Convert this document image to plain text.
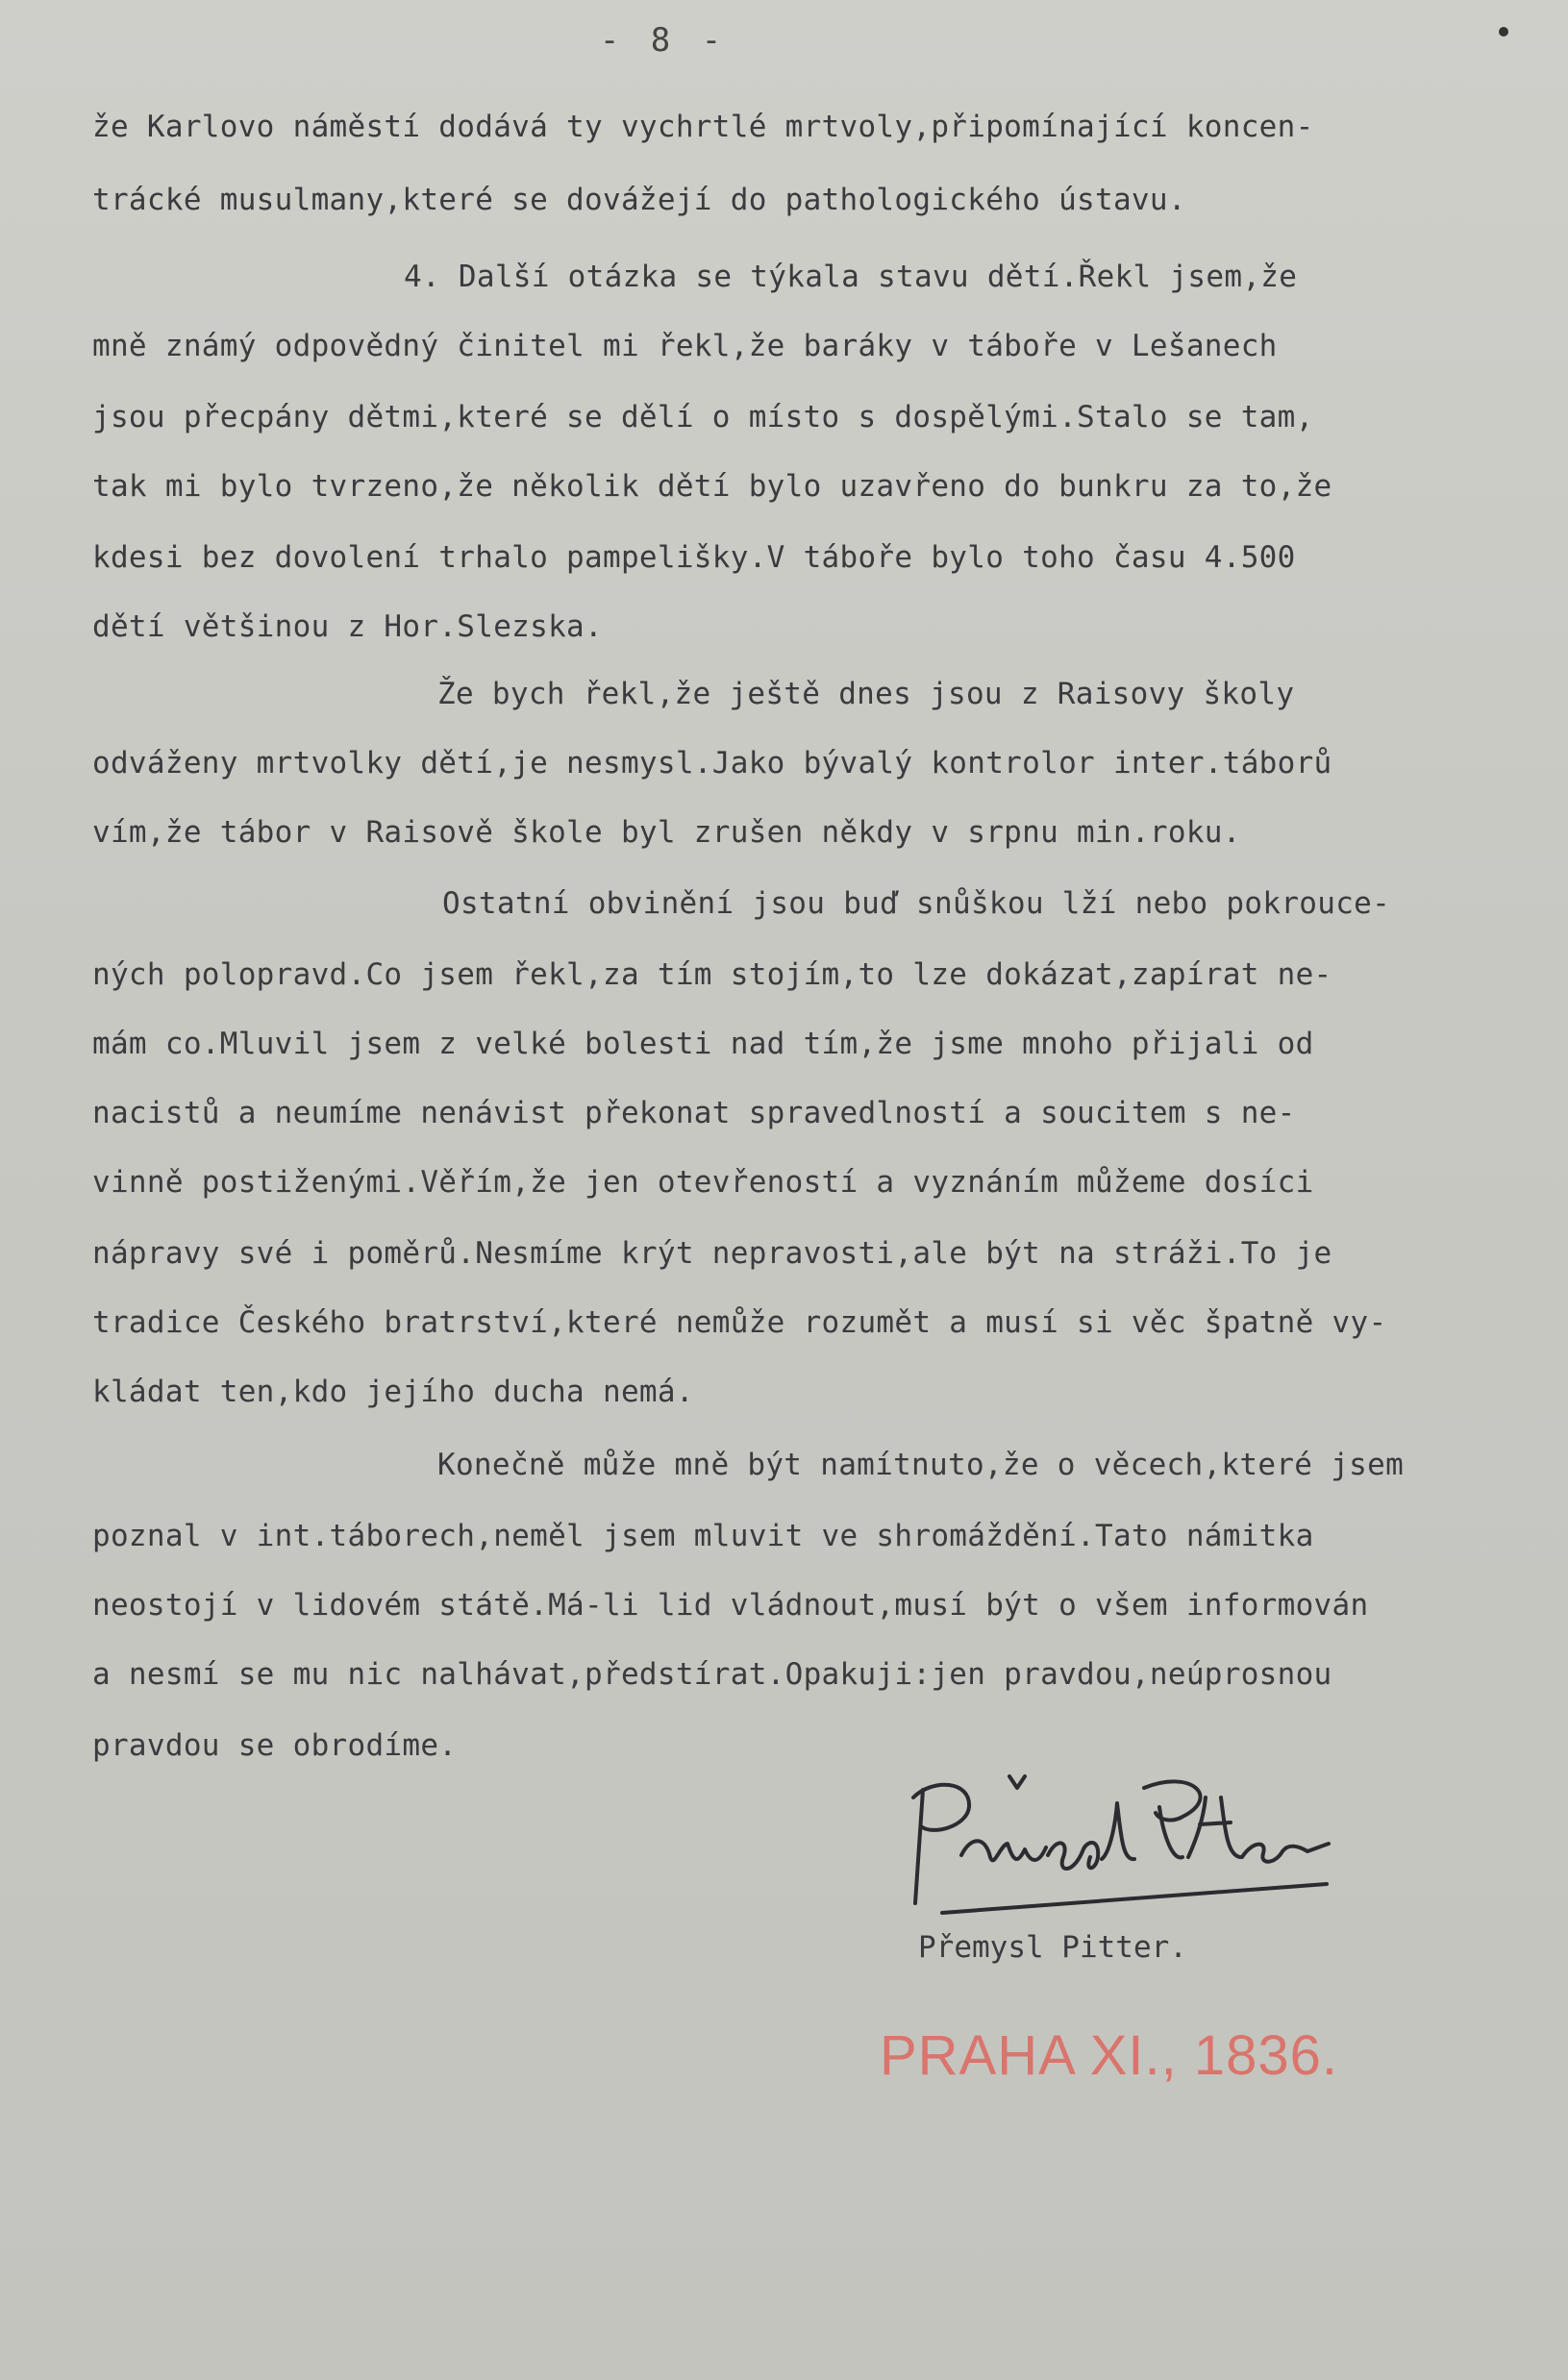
- 8 -
že Karlovo náměstí dodává ty vychrtlé mrtvoly,připomínající koncen-
trácké musulmany,které se dovážejí do pathologického ústavu.
4. Další otázka se týkala stavu dětí.Řekl jsem,že
mně známý odpovědný činitel mi řekl,že baráky v táboře v Lešanech
jsou přecpány dětmi,které se dělí o místo s dospělými.Stalo se tam,
tak mi bylo tvrzeno,že několik dětí bylo uzavřeno do bunkru za to,že
kdesi bez dovolení trhalo pampelišky.V táboře bylo toho času 4.500
dětí většinou z Hor.Slezska.
Že bych řekl,že ještě dnes jsou z Raisovy školy
odváženy mrtvolky dětí,je nesmysl.Jako bývalý kontrolor inter.táborů
vím,že tábor v Raisově škole byl zrušen někdy v srpnu min.roku.
Ostatní obvinění jsou buď snůškou lží nebo pokrouce-
ných polopravd.Co jsem řekl,za tím stojím,to lze dokázat,zapírat ne-
mám co.Mluvil jsem z velké bolesti nad tím,že jsme mnoho přijali od
nacistů a neumíme nenávist překonat spravedlností a soucitem s ne-
vinně postiženými.Věřím,že jen otevřeností a vyznáním můžeme dosíci
nápravy své i poměrů.Nesmíme krýt nepravosti,ale být na stráži.To je
tradice Českého bratrství,které nemůže rozumět a musí si věc špatně vy-
kládat ten,kdo jejího ducha nemá.
Konečně může mně být namítnuto,že o věcech,které jsem
poznal v int.táborech,neměl jsem mluvit ve shromáždění.Tato námitka
neostojí v lidovém státě.Má-li lid vládnout,musí být o všem informován
a nesmí se mu nic nalhávat,předstírat.Opakuji:jen pravdou,neúprosnou
pravdou se obrodíme.
Přemysl Pitter.
PRAHA XI., 1836.
